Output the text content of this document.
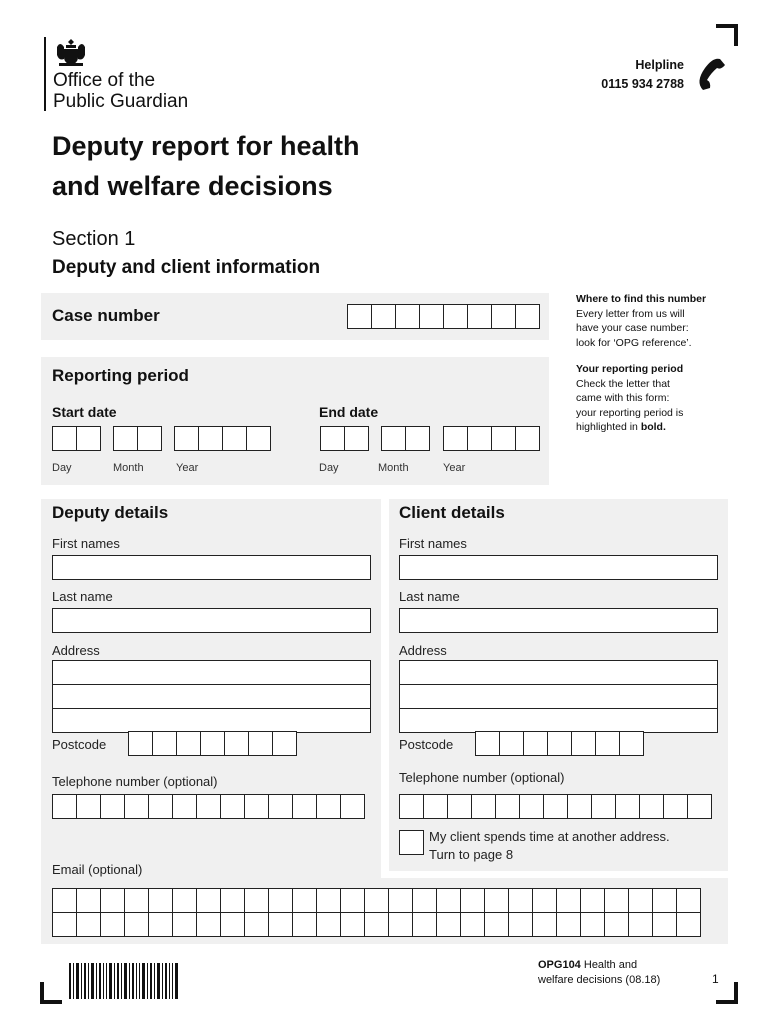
Office of the
Public Guardian
Helpline
0115 934 2788
Deputy report for health
and welfare decisions
Section 1
Deputy and client information
Case number
Reporting period
Start date	End date
Day	Month	Year	Day	Month	Year
Where to find this number
Every letter from us will
have your case number:
look for ‘OPG reference’.
Your reporting period
Check the letter that
came with this form:
your reporting period is
highlighted in bold.
Deputy details
First names
Last name
Address
Postcode
Telephone number (optional)
Email (optional)
Client details
First names
Last name
Address
Postcode
Telephone number (optional)
My client spends time at another address.
Turn to page 8
OPG104 Health and
welfare decisions (08.18)	1
